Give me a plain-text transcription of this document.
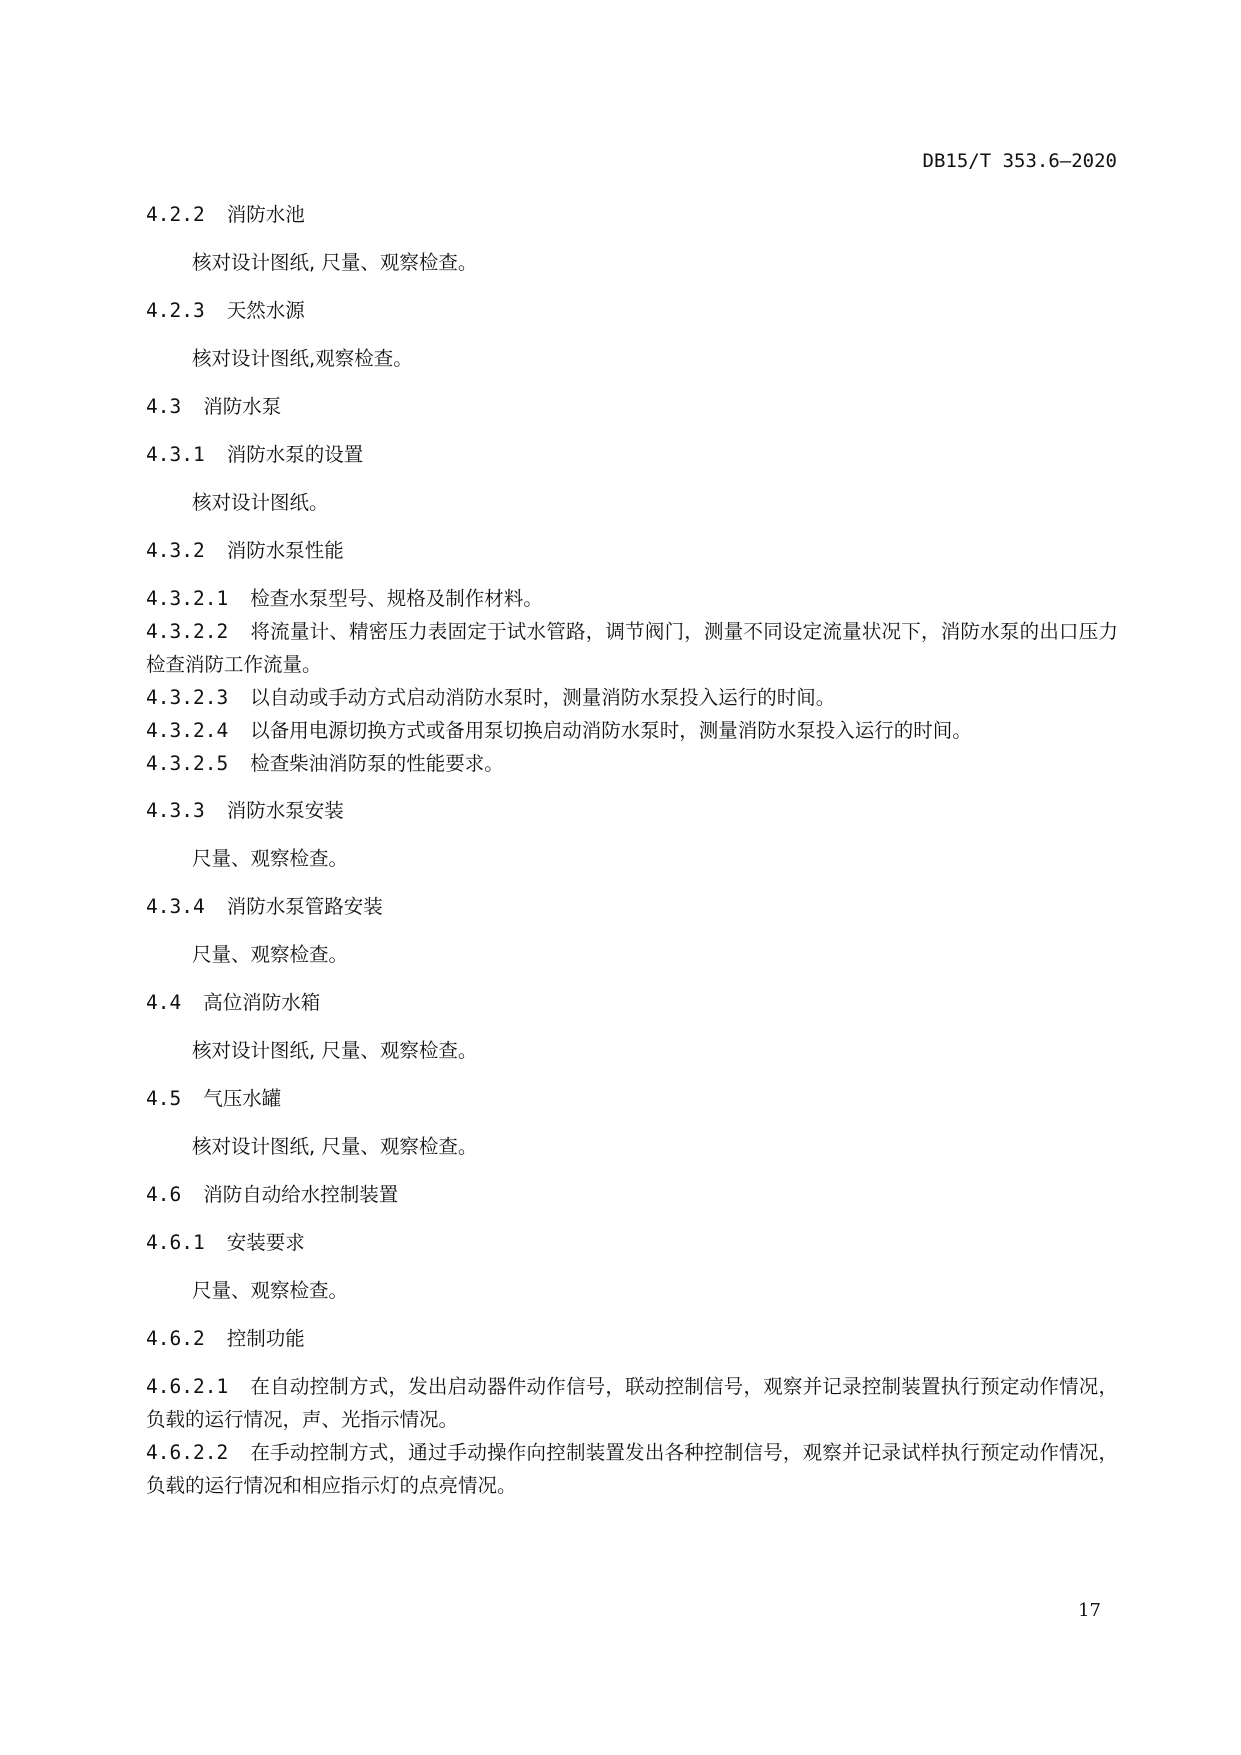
DB15/T 353.6—2020
4.2.2 消防水池
核对设计图纸, 尺量、观察检查。
4.2.3 天然水源
核对设计图纸,观察检查。
4.3 消防水泵
4.3.1 消防水泵的设置
核对设计图纸。
4.3.2 消防水泵性能
4.3.2.1 检查水泵型号、规格及制作材料。
4.3.2.2 将流量计、精密压力表固定于试水管路，调节阀门，测量不同设定流量状况下，消防水泵的出口压力检查消防工作流量。
4.3.2.3 以自动或手动方式启动消防水泵时，测量消防水泵投入运行的时间。
4.3.2.4 以备用电源切换方式或备用泵切换启动消防水泵时，测量消防水泵投入运行的时间。
4.3.2.5 检查柴油消防泵的性能要求。
4.3.3 消防水泵安装
尺量、观察检查。
4.3.4 消防水泵管路安装
尺量、观察检查。
4.4 高位消防水箱
核对设计图纸, 尺量、观察检查。
4.5 气压水罐
核对设计图纸, 尺量、观察检查。
4.6 消防自动给水控制装置
4.6.1 安装要求
尺量、观察检查。
4.6.2 控制功能
4.6.2.1 在自动控制方式，发出启动器件动作信号，联动控制信号，观察并记录控制装置执行预定动作情况，负载的运行情况，声、光指示情况。
4.6.2.2 在手动控制方式，通过手动操作向控制装置发出各种控制信号，观察并记录试样执行预定动作情况，负载的运行情况和相应指示灯的点亮情况。
17
